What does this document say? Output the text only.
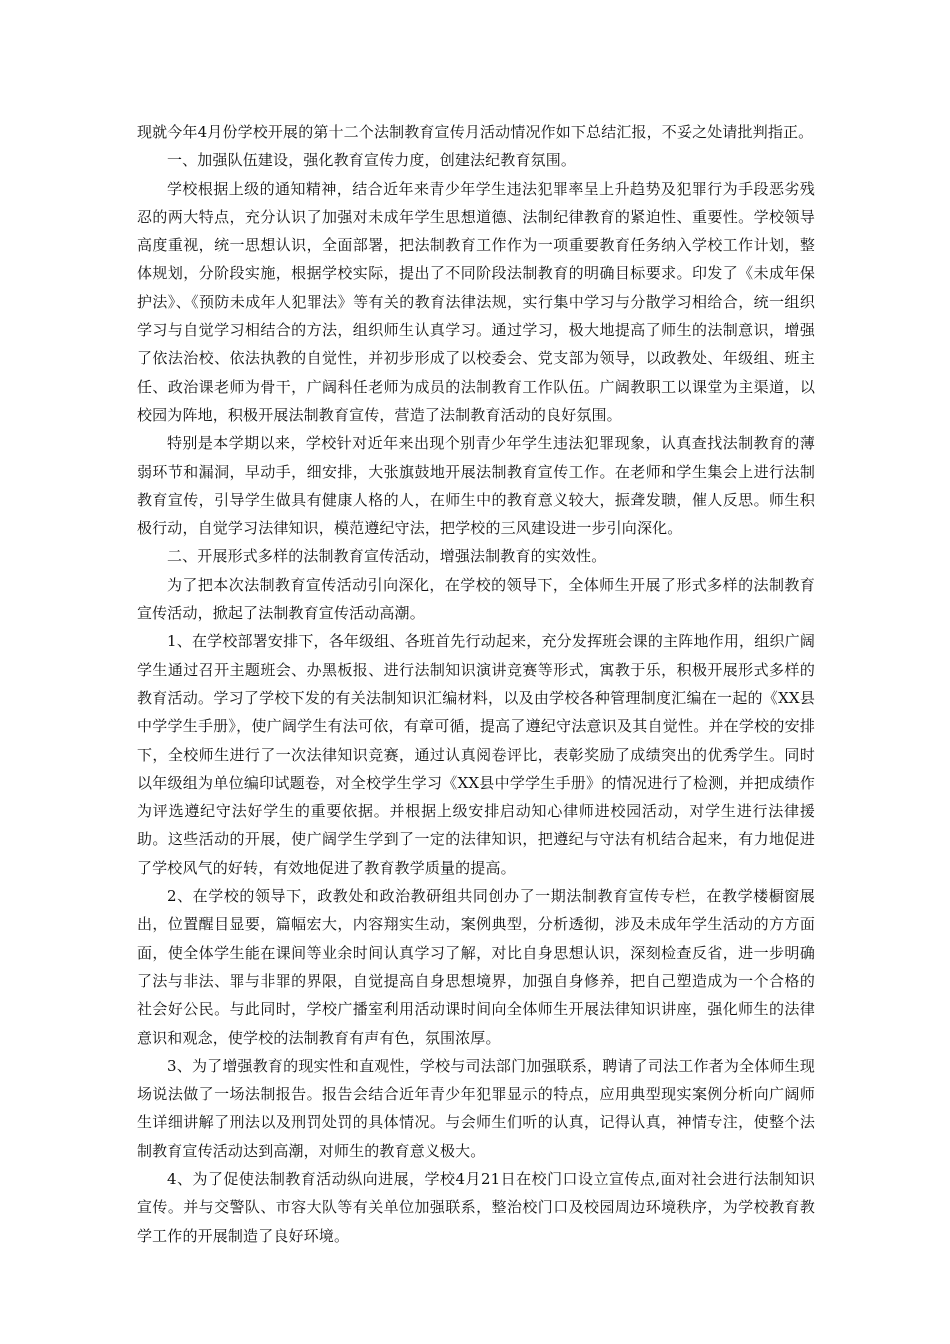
现就今年4月份学校开展的第十二个法制教育宣传月活动情况作如下总结汇报，不妥之处请批判指正。

一、加强队伍建设，强化教育宣传力度，创建法纪教育氛围。

学校根据上级的通知精神，结合近年来青少年学生违法犯罪率呈上升趋势及犯罪行为手段恶劣残忍的两大特点，充分认识了加强对未成年学生思想道德、法制纪律教育的紧迫性、重要性。学校领导高度重视，统一思想认识，全面部署，把法制教育工作作为一项重要教育任务纳入学校工作计划，整体规划，分阶段实施，根据学校实际，提出了不同阶段法制教育的明确目标要求。印发了《未成年保护法》、《预防未成年人犯罪法》等有关的教育法律法规，实行集中学习与分散学习相给合，统一组织学习与自觉学习相结合的方法，组织师生认真学习。通过学习，极大地提高了师生的法制意识，增强了依法治校、依法执教的自觉性，并初步形成了以校委会、党支部为领导，以政教处、年级组、班主任、政治课老师为骨干，广阔科任老师为成员的法制教育工作队伍。广阔教职工以课堂为主渠道，以校园为阵地，积极开展法制教育宣传，营造了法制教育活动的良好氛围。

特别是本学期以来，学校针对近年来出现个别青少年学生违法犯罪现象，认真查找法制教育的薄弱环节和漏洞，早动手，细安排，大张旗鼓地开展法制教育宣传工作。在老师和学生集会上进行法制教育宣传，引导学生做具有健康人格的人，在师生中的教育意义较大，振聋发聩，催人反思。师生积极行动，自觉学习法律知识，模范遵纪守法，把学校的三风建设进一步引向深化。

二、开展形式多样的法制教育宣传活动，增强法制教育的实效性。

为了把本次法制教育宣传活动引向深化，在学校的领导下，全体师生开展了形式多样的法制教育宣传活动，掀起了法制教育宣传活动高潮。

1、在学校部署安排下，各年级组、各班首先行动起来，充分发挥班会课的主阵地作用，组织广阔学生通过召开主题班会、办黑板报、进行法制知识演讲竞赛等形式，寓教于乐，积极开展形式多样的教育活动。学习了学校下发的有关法制知识汇编材料，以及由学校各种管理制度汇编在一起的《XX县中学学生手册》，使广阔学生有法可依，有章可循，提高了遵纪守法意识及其自觉性。并在学校的安排下，全校师生进行了一次法律知识竞赛，通过认真阅卷评比，表彰奖励了成绩突出的优秀学生。同时以年级组为单位编印试题卷，对全校学生学习《XX县中学学生手册》的情况进行了检测，并把成绩作为评选遵纪守法好学生的重要依据。并根据上级安排启动知心律师进校园活动，对学生进行法律援助。这些活动的开展，使广阔学生学到了一定的法律知识，把遵纪与守法有机结合起来，有力地促进了学校风气的好转，有效地促进了教育教学质量的提高。

2、在学校的领导下，政教处和政治教研组共同创办了一期法制教育宣传专栏，在教学楼橱窗展出，位置醒目显要，篇幅宏大，内容翔实生动，案例典型，分析透彻，涉及未成年学生活动的方方面面，使全体学生能在课间等业余时间认真学习了解，对比自身思想认识，深刻检查反省，进一步明确了法与非法、罪与非罪的界限，自觉提高自身思想境界，加强自身修养，把自己塑造成为一个合格的社会好公民。与此同时，学校广播室利用活动课时间向全体师生开展法律知识讲座，强化师生的法律意识和观念，使学校的法制教育有声有色，氛围浓厚。

3、为了增强教育的现实性和直观性，学校与司法部门加强联系，聘请了司法工作者为全体师生现场说法做了一场法制报告。报告会结合近年青少年犯罪显示的特点，应用典型现实案例分析向广阔师生详细讲解了刑法以及刑罚处罚的具体情况。与会师生们听的认真，记得认真，神情专注，使整个法制教育宣传活动达到高潮，对师生的教育意义极大。

4、为了促使法制教育活动纵向进展，学校4月21日在校门口设立宣传点,面对社会进行法制知识宣传。并与交警队、市容大队等有关单位加强联系，整治校门口及校园周边环境秩序，为学校教育教学工作的开展制造了良好环境。
